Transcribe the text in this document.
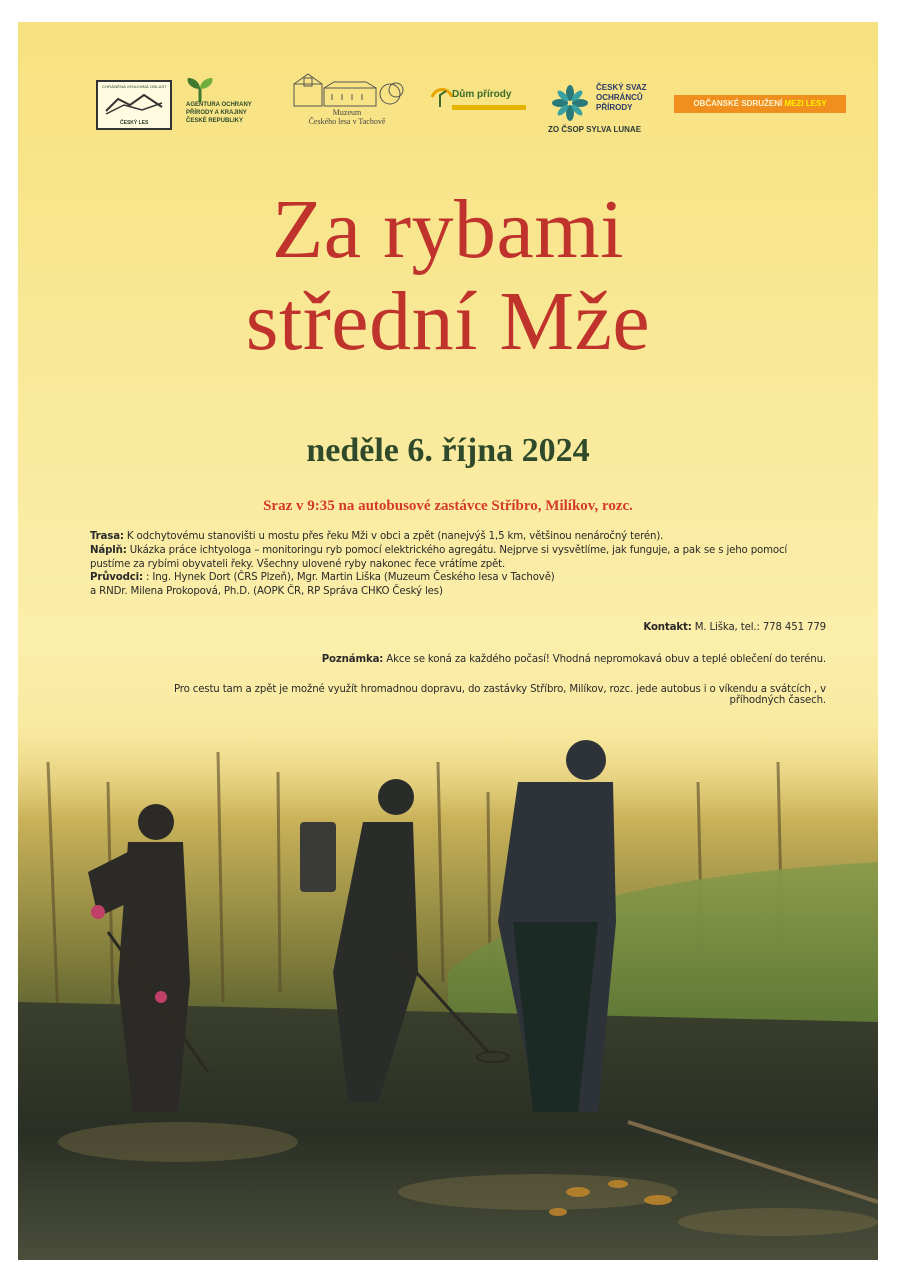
CHRÁNĚNÁ KRAJINNÁ OBLAST
ČESKÝ LES
AGENTURA OCHRANY
PŘÍRODY A KRAJINY
ČESKÉ REPUBLIKY
Muzeum
Českého lesa v Tachově
Dům přírody
ČESKÝ SVAZ
OCHRÁNCŮ
PŘÍRODY
ZO ČSOP SYLVA LUNAE
OBČANSKÉ SDRUŽENÍ MEZI LESY
Za rybami
střední Mže
neděle 6. října 2024
Sraz v 9:35 na autobusové zastávce Stříbro, Milíkov, rozc.

Trasa: K odchytovému stanovišti u mostu přes řeku Mži v obci a zpět (nanejvýš 1,5 km, většinou nenáročný terén).

Náplň: Ukázka práce ichtyologa – monitoringu ryb pomocí elektrického agregátu. Nejprve si vysvětlíme, jak funguje, a pak se s jeho pomocí pustíme za rybími obyvateli řeky. Všechny ulovené ryby nakonec řece vrátíme zpět.

Průvodci: : Ing. Hynek Dort (ČRS Plzeň), Mgr. Martin Liška (Muzeum Českého lesa v Tachově)

a RNDr. Milena Prokopová, Ph.D. (AOPK ČR, RP Správa CHKO Český les)

Kontakt: M. Liška, tel.: 778 451 779
Poznámka: Akce se koná za každého počasí! Vhodná nepromokavá obuv a teplé oblečení do terénu.
Pro cestu tam a zpět je možné využít hromadnou dopravu, do zastávky Stříbro, Milíkov, rozc. jede autobus i o víkendu a svátcích , v příhodných časech.
